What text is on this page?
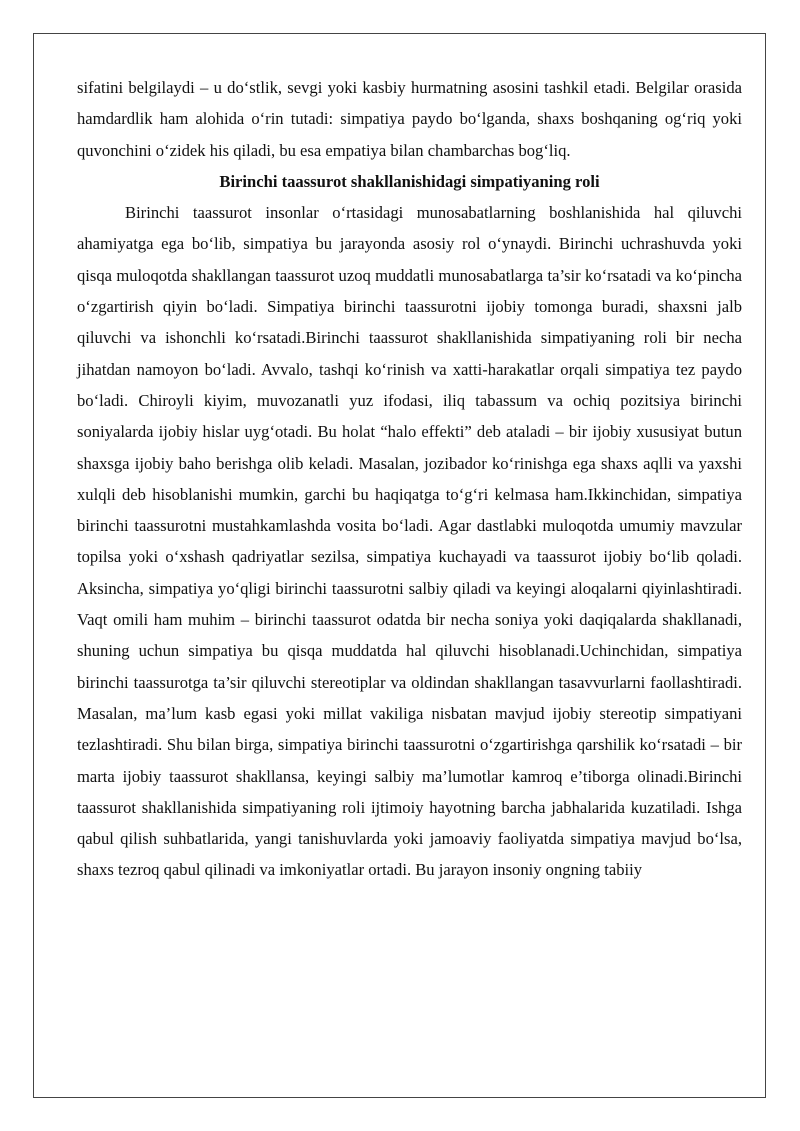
sifatini belgilaydi – u do‘stlik, sevgi yoki kasbiy hurmatning asosini tashkil etadi. Belgilar orasida hamdardlik ham alohida o‘rin tutadi: simpatiya paydo bo‘lganda, shaxs boshqaning og‘riq yoki quvonchini o‘zidek his qiladi, bu esa empatiya bilan chambarchas bog‘liq.

Birinchi taassurot shakllanishidagi simpatiyaning roli

Birinchi taassurot insonlar o‘rtasidagi munosabatlarning boshlanishida hal qiluvchi ahamiyatga ega bo‘lib, simpatiya bu jarayonda asosiy rol o‘ynaydi. Birinchi uchrashuvda yoki qisqa muloqotda shakllangan taassurot uzoq muddatli munosabatlarga ta’sir ko‘rsatadi va ko‘pincha o‘zgartirish qiyin bo‘ladi. Simpatiya birinchi taassurotni ijobiy tomonga buradi, shaxsni jalb qiluvchi va ishonchli ko‘rsatadi.Birinchi taassurot shakllanishida simpatiyaning roli bir necha jihatdan namoyon bo‘ladi. Avvalo, tashqi ko‘rinish va xatti-harakatlar orqali simpatiya tez paydo bo‘ladi. Chiroyli kiyim, muvozanatli yuz ifodasi, iliq tabassum va ochiq pozitsiya birinchi soniyalarda ijobiy hislar uyg‘otadi. Bu holat “halo effekti” deb ataladi – bir ijobiy xususiyat butun shaxsga ijobiy baho berishga olib keladi. Masalan, jozibador ko‘rinishga ega shaxs aqlli va yaxshi xulqli deb hisoblanishi mumkin, garchi bu haqiqatga to‘g‘ri kelmasa ham.Ikkinchidan, simpatiya birinchi taassurotni mustahkamlashda vosita bo‘ladi. Agar dastlabki muloqotda umumiy mavzular topilsa yoki o‘xshash qadriyatlar sezilsa, simpatiya kuchayadi va taassurot ijobiy bo‘lib qoladi. Aksincha, simpatiya yo‘qligi birinchi taassurotni salbiy qiladi va keyingi aloqalarni qiyinlashtiradi. Vaqt omili ham muhim – birinchi taassurot odatda bir necha soniya yoki daqiqalarda shakllanadi, shuning uchun simpatiya bu qisqa muddatda hal qiluvchi hisoblanadi.Uchinchidan, simpatiya birinchi taassurotga ta’sir qiluvchi stereotiplar va oldindan shakllangan tasavvurlarni faollashtiradi. Masalan, ma’lum kasb egasi yoki millat vakiliga nisbatan mavjud ijobiy stereotip simpatiyani tezlashtiradi. Shu bilan birga, simpatiya birinchi taassurotni o‘zgartirishga qarshilik ko‘rsatadi – bir marta ijobiy taassurot shakllansa, keyingi salbiy ma’lumotlar kamroq e’tiborga olinadi.Birinchi taassurot shakllanishida simpatiyaning roli ijtimoiy hayotning barcha jabhalarida kuzatiladi. Ishga qabul qilish suhbatlarida, yangi tanishuvlarda yoki jamoaviy faoliyatda simpatiya mavjud bo‘lsa, shaxs tezroq qabul qilinadi va imkoniyatlar ortadi. Bu jarayon insoniy ongning tabiiy
